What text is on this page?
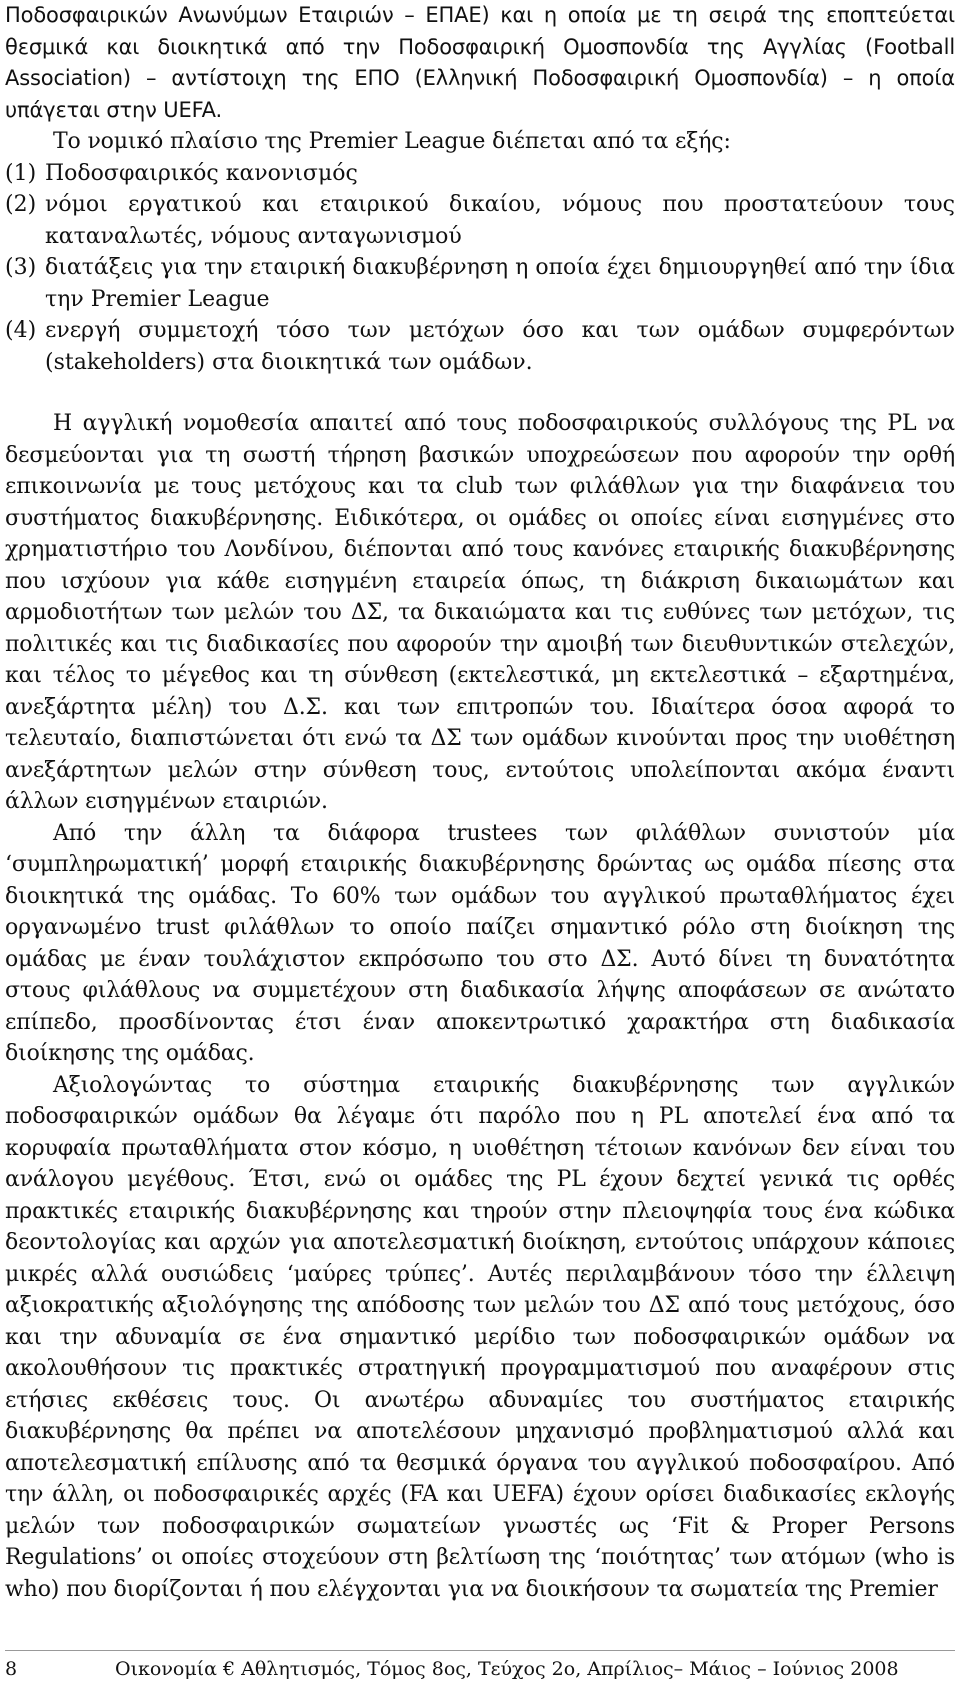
Ποδοσφαιρικών Ανωνύμων Εταιριών – ΕΠΑΕ) και η οποία με τη σειρά της εποπτεύεται θεσμικά και διοικητικά από την Ποδοσφαιρική Ομοσπονδία της Αγγλίας (Football Association) – αντίστοιχη της ΕΠΟ (Ελληνική Ποδοσφαιρική Ομοσπονδία) – η οποία υπάγεται στην UEFA.

Το νομικό πλαίσιο της Premier League διέπεται από τα εξής:

(1) Ποδοσφαιρικός κανονισμός
(2) νόμοι εργατικού και εταιρικού δικαίου, νόμους που προστατεύουν τους καταναλωτές, νόμους ανταγωνισμού
(3) διατάξεις για την εταιρική διακυβέρνηση η οποία έχει δημιουργηθεί από την ίδια την Premier League
(4) ενεργή συμμετοχή τόσο των μετόχων όσο και των ομάδων συμφερόντων (stakeholders) στα διοικητικά των ομάδων.

Η αγγλική νομοθεσία απαιτεί από τους ποδοσφαιρικούς συλλόγους της PL να δεσμεύονται για τη σωστή τήρηση βασικών υποχρεώσεων που αφορούν την ορθή επικοινωνία με τους μετόχους και τα club των φιλάθλων για την διαφάνεια του συστήματος διακυβέρνησης. Ειδικότερα, οι ομάδες οι οποίες είναι εισηγμένες στο χρηματιστήριο του Λονδίνου, διέπονται από τους κανόνες εταιρικής διακυβέρνησης που ισχύουν για κάθε εισηγμένη εταιρεία όπως, τη διάκριση δικαιωμάτων και αρμοδιοτήτων των μελών του ΔΣ, τα δικαιώματα και τις ευθύνες των μετόχων, τις πολιτικές και τις διαδικασίες που αφορούν την αμοιβή των διευθυντικών στελεχών, και τέλος το μέγεθος και τη σύνθεση (εκτελεστικά, μη εκτελεστικά – εξαρτημένα, ανεξάρτητα μέλη) του Δ.Σ. και των επιτροπών του. Ιδιαίτερα όσοα αφορά το τελευταίο, διαπιστώνεται ότι ενώ τα ΔΣ των ομάδων κινούνται προς την υιοθέτηση ανεξάρτητων μελών στην σύνθεση τους, εντούτοις υπολείπονται ακόμα έναντι άλλων εισηγμένων εταιριών.

Από την άλλη τα διάφορα trustees των φιλάθλων συνιστούν μία ‘συμπληρωματική’ μορφή εταιρικής διακυβέρνησης δρώντας ως ομάδα πίεσης στα διοικητικά της ομάδας. Το 60% των ομάδων του αγγλικού πρωταθλήματος έχει οργανωμένο trust φιλάθλων το οποίο παίζει σημαντικό ρόλο στη διοίκηση της ομάδας με έναν τουλάχιστον εκπρόσωπο του στο ΔΣ. Αυτό δίνει τη δυνατότητα στους φιλάθλους να συμμετέχουν στη διαδικασία λήψης αποφάσεων σε ανώτατο επίπεδο, προσδίνοντας έτσι έναν αποκεντρωτικό χαρακτήρα στη διαδικασία διοίκησης της ομάδας.

Αξιολογώντας το σύστημα εταιρικής διακυβέρνησης των αγγλικών ποδοσφαιρικών ομάδων θα λέγαμε ότι παρόλο που η PL αποτελεί ένα από τα κορυφαία πρωταθλήματα στον κόσμο, η υιοθέτηση τέτοιων κανόνων δεν είναι του ανάλογου μεγέθους. Έτσι, ενώ οι ομάδες της PL έχουν δεχτεί γενικά τις ορθές πρακτικές εταιρικής διακυβέρνησης και τηρούν στην πλειοψηφία τους ένα κώδικα δεοντολογίας και αρχών για αποτελεσματική διοίκηση, εντούτοις υπάρχουν κάποιες μικρές αλλά ουσιώδεις ‘μαύρες τρύπες’. Αυτές περιλαμβάνουν τόσο την έλλειψη αξιοκρατικής αξιολόγησης της απόδοσης των μελών του ΔΣ από τους μετόχους, όσο και την αδυναμία σε ένα σημαντικό μερίδιο των ποδοσφαιρικών ομάδων να ακολουθήσουν τις πρακτικές στρατηγική προγραμματισμού που αναφέρουν στις ετήσιες εκθέσεις τους. Οι ανωτέρω αδυναμίες του συστήματος εταιρικής διακυβέρνησης θα πρέπει να αποτελέσουν μηχανισμό προβληματισμού αλλά και αποτελεσματική επίλυσης από τα θεσμικά όργανα του αγγλικού ποδοσφαίρου. Από την άλλη, οι ποδοσφαιρικές αρχές (FA και UEFA) έχουν ορίσει διαδικασίες εκλογής μελών των ποδοσφαιρικών σωματείων γνωστές ως ‘Fit & Proper Persons Regulations’ οι οποίες στοχεύουν στη βελτίωση της ‘ποιότητας’ των ατόμων (who is who) που διορίζονται ή που ελέγχονται για να διοικήσουν τα σωματεία της Premier

8	Οικονομία € Αθλητισμός, Τόμος 8ος, Τεύχος 2ο, Απρίλιος– Μάιος – Ιούνιος 2008
